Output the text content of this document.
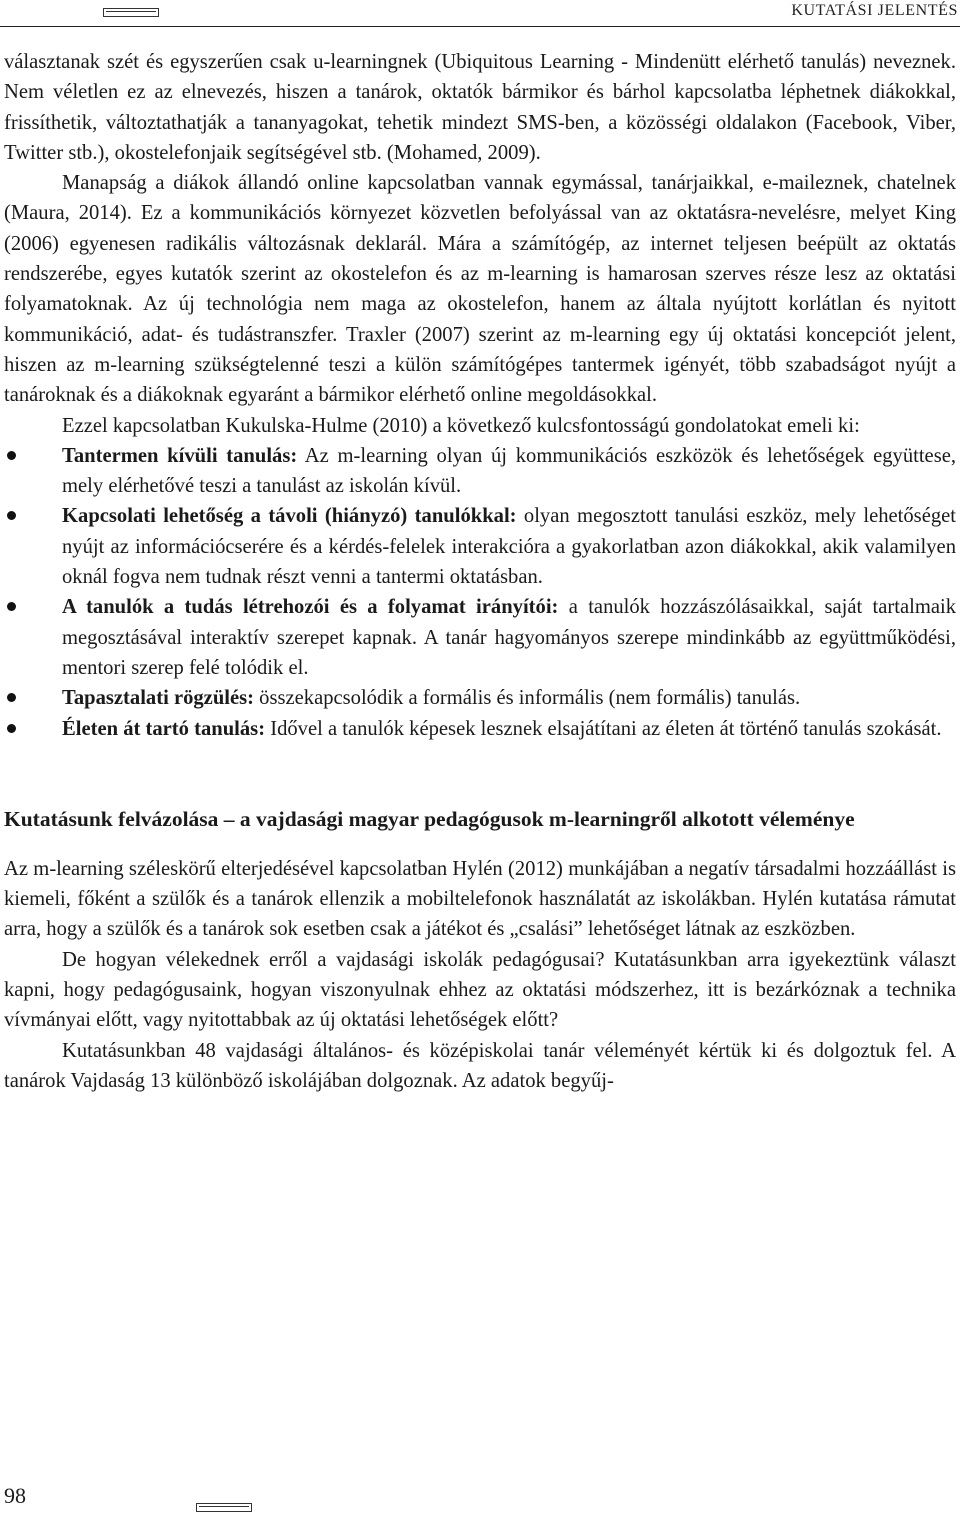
KUTATÁSI JELENTÉS

választanak szét és egyszerűen csak u-learningnek (Ubiquitous Learning - Mindenütt elérhető tanulás) neveznek. Nem véletlen ez az elnevezés, hiszen a tanárok, oktatók bármikor és bárhol kapcsolatba léphetnek diákokkal, frissíthetik, változtathatják a tananyagokat, tehetik mindezt SMS-ben, a közösségi oldalakon (Facebook, Viber, Twitter stb.), okostelefonjaik segítségével stb. (Mohamed, 2009).

Manapság a diákok állandó online kapcsolatban vannak egymással, tanárjaikkal, e-maileznek, chatelnek (Maura, 2014). Ez a kommunikációs környezet közvetlen befolyással van az oktatásra-nevelésre, melyet King (2006) egyenesen radikális változásnak deklarál. Mára a számítógép, az internet teljesen beépült az oktatás rendszerébe, egyes kutatók szerint az okostelefon és az m-learning is hamarosan szerves része lesz az oktatási folyamatoknak. Az új technológia nem maga az okostelefon, hanem az általa nyújtott korlátlan és nyitott kommunikáció, adat- és tudástranszfer. Traxler (2007) szerint az m-learning egy új oktatási koncepciót jelent, hiszen az m-learning szükségtelenné teszi a külön számítógépes tantermek igényét, több szabadságot nyújt a tanároknak és a diákoknak egyaránt a bármikor elérhető online megoldásokkal.

Ezzel kapcsolatban Kukulska-Hulme (2010) a következő kulcsfontosságú gondolatokat emeli ki:

Tantermen kívüli tanulás: Az m-learning olyan új kommunikációs eszközök és lehetőségek együttese, mely elérhetővé teszi a tanulást az iskolán kívül.
Kapcsolati lehetőség a távoli (hiányzó) tanulókkal: olyan megosztott tanulási eszköz, mely lehetőséget nyújt az információcserére és a kérdés-felelek interakcióra a gyakorlatban azon diákokkal, akik valamilyen oknál fogva nem tudnak részt venni a tantermi oktatásban.
A tanulók a tudás létrehozói és a folyamat irányítói: a tanulók hozzászólásaikkal, saját tartalmaik megosztásával interaktív szerepet kapnak. A tanár hagyományos szerepe mindinkább az együttműködési, mentori szerep felé tolódik el.
Tapasztalati rögzülés: összekapcsolódik a formális és informális (nem formális) tanulás.
Életen át tartó tanulás: Idővel a tanulók képesek lesznek elsajátítani az életen át történő tanulás szokását.
Kutatásunk felvázolása – a vajdasági magyar pedagógusok m-learningről alkotott véleménye

Az m-learning széleskörű elterjedésével kapcsolatban Hylén (2012) munkájában a negatív társadalmi hozzáállást is kiemeli, főként a szülők és a tanárok ellenzik a mobiltelefonok használatát az iskolákban. Hylén kutatása rámutat arra, hogy a szülők és a tanárok sok esetben csak a játékot és „csalási” lehetőséget látnak az eszközben.

De hogyan vélekednek erről a vajdasági iskolák pedagógusai? Kutatásunkban arra igyekeztünk választ kapni, hogy pedagógusaink, hogyan viszonyulnak ehhez az oktatási módszerhez, itt is bezárkóznak a technika vívmányai előtt, vagy nyitottabbak az új oktatási lehetőségek előtt?

Kutatásunkban 48 vajdasági általános- és középiskolai tanár véleményét kértük ki és dolgoztuk fel. A tanárok Vajdaság 13 különböző iskolájában dolgoznak. Az adatok begyűj-

98
